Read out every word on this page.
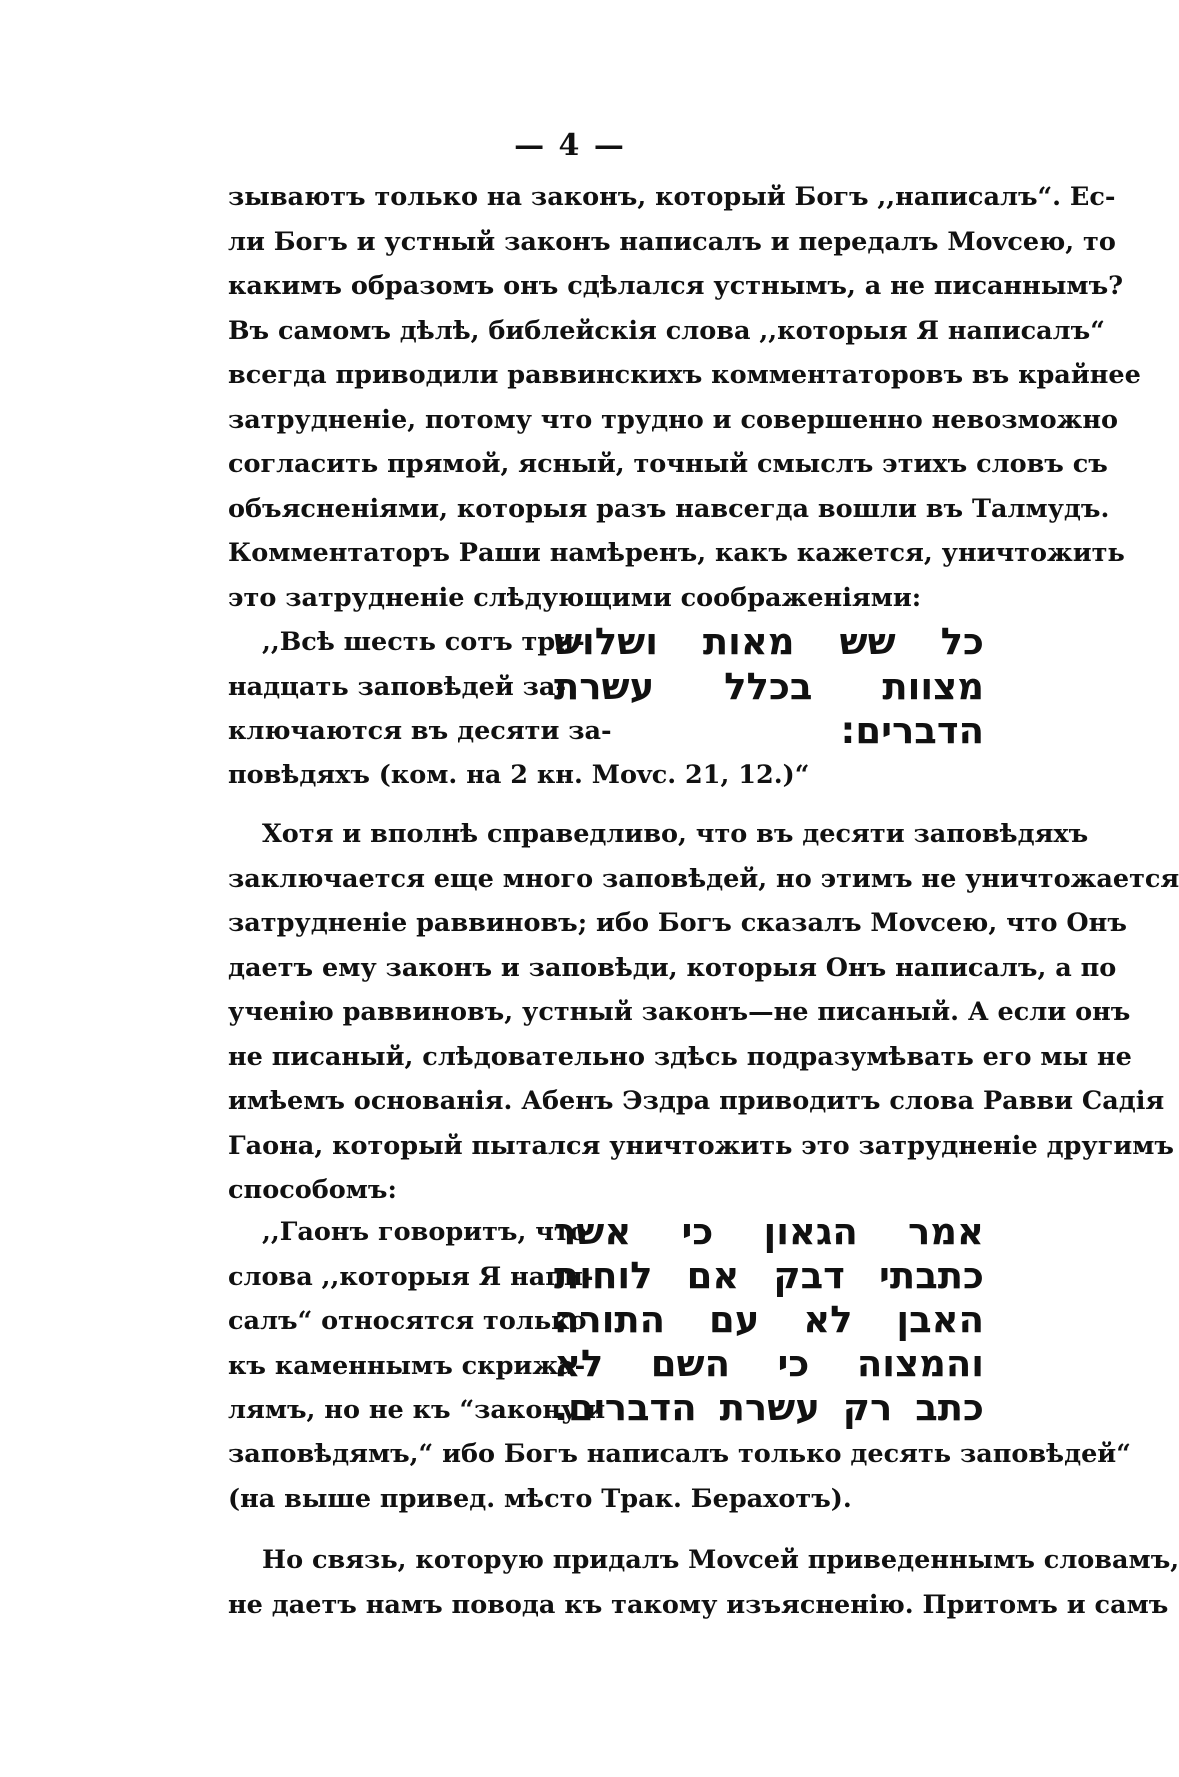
— 4 —
зываютъ только на законъ, который Богъ ,,написалъ“. Ес-
ли Богъ и устный законъ написалъ и передалъ Моvсею, то
какимъ образомъ онъ сдѣлался устнымъ, а не писаннымъ?
Въ самомъ дѣлѣ, библейскія слова ,,которыя Я написалъ“
всегда приводили раввинскихъ комментаторовъ въ крайнее
затрудненіе, потому что трудно и совершенно невозможно
согласить прямой, ясный, точный смыслъ этихъ словъ съ
объясненіями, которыя разъ навсегда вошли въ Талмудъ.
Комментаторъ Раши намѣренъ, какъ кажется, уничтожить
это затрудненіе слѣдующими соображеніями:
,,Всѣ шесть сотъ три-
надцать заповѣдей за-
ключаются въ десяти за-
כל שש מאות ושלוש
מצוות בכלל עשרת
הדברים:
повѣдяхъ (ком. на 2 кн. Моvс. 21, 12.)“
Хотя и вполнѣ справедливо, что въ десяти заповѣдяхъ
заключается еще много заповѣдей, но этимъ не уничтожается
затрудненіе раввиновъ; ибо Богъ сказалъ Моvсею, что Онъ
даетъ ему законъ и заповѣди, которыя Онъ написалъ, а по
ученію раввиновъ, устный законъ—не писаный. А если онъ
не писаный, слѣдовательно здѣсь подразумѣвать его мы не
имѣемъ основанія. Абенъ Эздра приводитъ слова Равви Садія
Гаона, который пытался уничтожить это затрудненіе другимъ
способомъ:
,,Гаонъ говоритъ, что
слова ,,которыя Я напи-
салъ“ относятся только
къ каменнымъ скрижа-
лямъ, но не къ “закону и
אמר הגאון כי אשר
כתבתי דבק אם לוחות
האבן לא עם התורה
והמצוה כי השם לא
כתב רק עשרת הדברים.
заповѣдямъ,“ ибо Богъ написалъ только десять заповѣдей“
(на выше привед. мѣсто Трак. Берахотъ).
Но связь, которую придалъ Моvсей приведеннымъ словамъ,
не даетъ намъ повода къ такому изъясненію. Притомъ и самъ
